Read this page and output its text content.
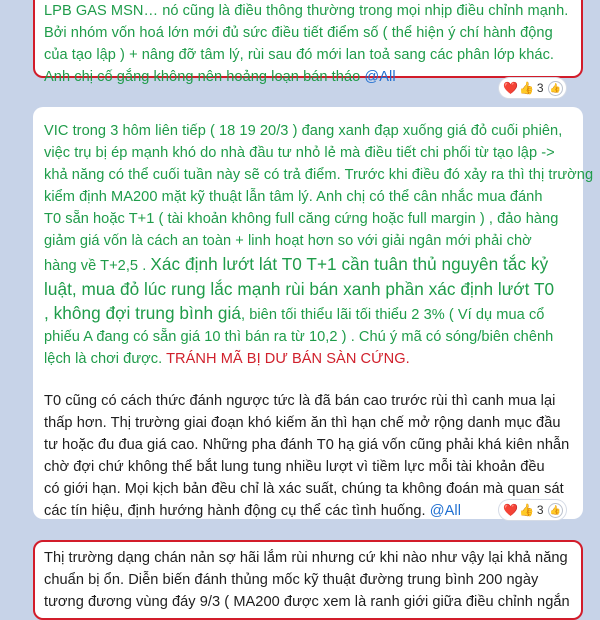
LPB GAS MSN… nó cũng là điều thông thường trong mọi nhịp điều chỉnh mạnh.

Bởi nhóm vốn hoá lớn mới đủ sức điều tiết điểm số ( thể hiện ý chí hành động

của tạo lập ) + nâng đỡ tâm lý, rùi sau đó mới lan toả sang các phân lớp khác.

Anh chị cố gắng không nên hoảng loạn bán tháo @All

❤️ 👍 3 👍

VIC trong 3 hôm liên tiếp ( 18 19 20/3 ) đang xanh đạp xuống giá đỏ cuối phiên,

việc trụ bị ép mạnh khó do nhà đầu tư nhỏ lẻ mà điều tiết chi phối từ tạo lập ->

khả năng có thể cuối tuần này sẽ có trả điểm. Trước khi điều đó xảy ra thì thị trường

kiểm định MA200 mặt kỹ thuật lẫn tâm lý. Anh chị có thể cân nhắc mua đánh

T0 sẵn hoặc T+1 ( tài khoản không full căng cứng hoặc full margin ) , đảo hàng

giảm giá vốn là cách an toàn + linh hoạt hơn so với giải ngân mới phải chờ

hàng về T+2,5 . Xác định lướt lát T0 T+1 cần tuân thủ nguyên tắc kỷ

luật, mua đỏ lúc rung lắc mạnh rùi bán xanh phần xác định lướt T0

, không đợi trung bình giá, biên tối thiểu lãi tối thiểu 2 3% ( Ví dụ mua cổ

phiếu A đang có sẵn giá 10 thì bán ra từ 10,2 ) . Chú ý mã có sóng/biên chênh

lệch là chơi được. TRÁNH MÃ BỊ DƯ BÁN SÀN CỨNG.

T0 cũng có cách thức đánh ngược tức là đã bán cao trước rùi thì canh mua lại

thấp hơn. Thị trường giai đoạn khó kiếm ăn thì hạn chế mở rộng danh mục đầu

tư hoặc đu đua giá cao. Những pha đánh T0 hạ giá vốn cũng phải khá kiên nhẫn

chờ đợi chứ không thể bắt lung tung nhiều lượt vì tiềm lực mỗi tài khoản đều

có giới hạn. Mọi kịch bản đều chỉ là xác suất, chúng ta không đoán mà quan sát

các tín hiệu, định hướng hành động cụ thể các tình huống. @All	❤️ 👍 3 👍

Thị trường dạng chán nản sợ hãi lắm rùi nhưng cứ khi nào như vậy lại khả năng

chuẩn bị ổn. Diễn biến đánh thủng mốc kỹ thuật đường trung bình 200 ngày

tương đương vùng đáy 9/3 ( MA200 được xem là ranh giới giữa điều chỉnh ngắn
